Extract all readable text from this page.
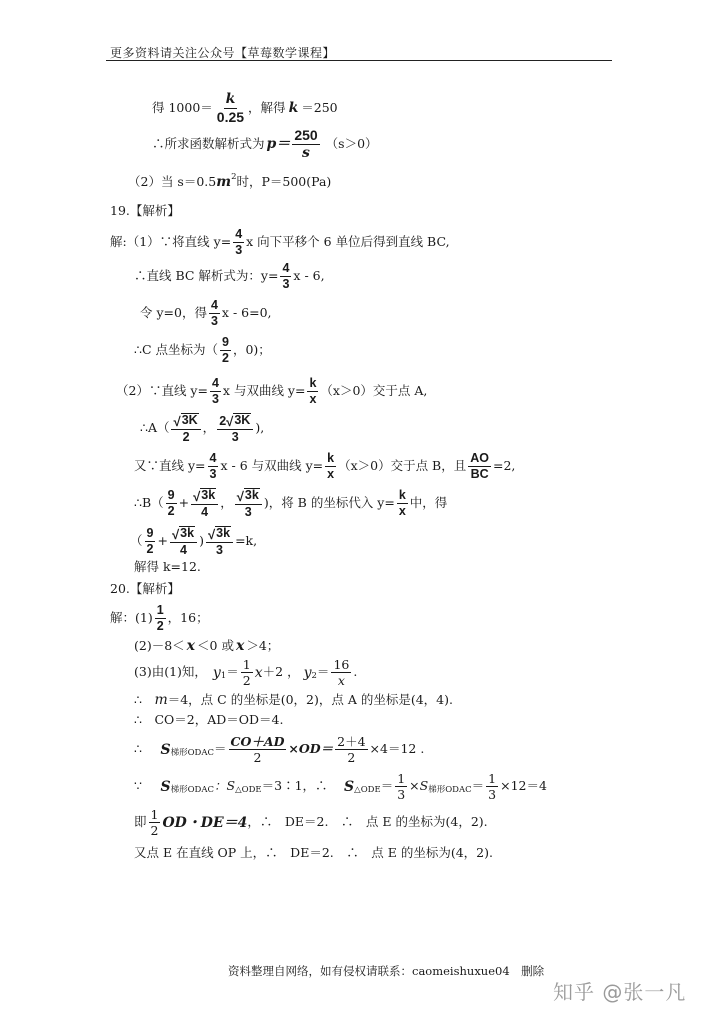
更多资料请关注公众号【草莓数学课程】
得 $1000= \frac{k}{0.25}$ ，解得 k ＝250
∴所求函数解析式为 $p= \frac{250}{s} (s>0)$
（2）当 s＝0.5 m 2 时，P＝500(Pa)
19.【解析】
解:（1）∵将直线 $y= \frac{4}{3}$ x 向下平移个 6 单位后得到直线 BC,
∴直线 BC 解析式为：$y= \frac{4}{3}$ x - 6,
令 y=0，得 $\frac{4}{3}$ x - 6=0,
∴C 点坐标为（ $\frac{9}{2}$ ，0)；
（2）∵直线 $y= \frac{4}{3}$ x 与双曲线 $y= \frac{k}{x} (x>0)$交于点 A,
∴A（ $\frac{√ 3K}{2}$ ， $\frac{2 √ 3K}{3}$ ),
又∵直线 $y= \frac{4}{3}$ x - 6 与双曲线 $y= \frac{k}{x} (x>0)$交于点 B，且 $\frac{AO}{BC} =2$,
∴B（ $\frac{9}{2} + \frac{√ 3k}{4}$ ， $\frac{√ 3k}{3}$ )，将 B 的坐标代入 $y= \frac{k}{x}$ 中，得
（ $\frac{9}{2} + \frac{√ 3k}{4}$ ) $\frac{√ 3k}{3} =k$,
解得 k=12.
20.【解析】
解：$(1) \frac{1}{2}$ ，16；
(2)－8＜ x ＜0 或 x ＞4；
(3)由(1)知， y $1 = \frac{1}{2}$ x ＋2 ， y $2 = \frac{16}{x}$ .
∴　 m ＝4，点 C 的坐标是(0，2)，点 A 的坐标是(4，4).
∴　CO＝2，AD＝OD＝4.
∴　 S 梯形ODAC ＝ $\frac{CO+AD}{2} \times OD= \frac{2+4}{2} \times 4=12$ .
∵　 S 梯形ODAC ：S △ODE ＝3∶1，∴　 S △ODE ＝ $\frac{1}{3} \times S$ 梯形ODAC ＝ $\frac{1}{3} \times 12=4$
即 $\frac{1}{2}$ OD・DE＝4 ，∴　DE＝2.　∴　点 E 的坐标为(4，2).
又点 E 在直线 OP 上，∴　DE＝2.　∴　点 E 的坐标为(4，2).
资料整理自网络，如有侵权请联系：caomeishuxue04　删除
知乎 @张一凡
